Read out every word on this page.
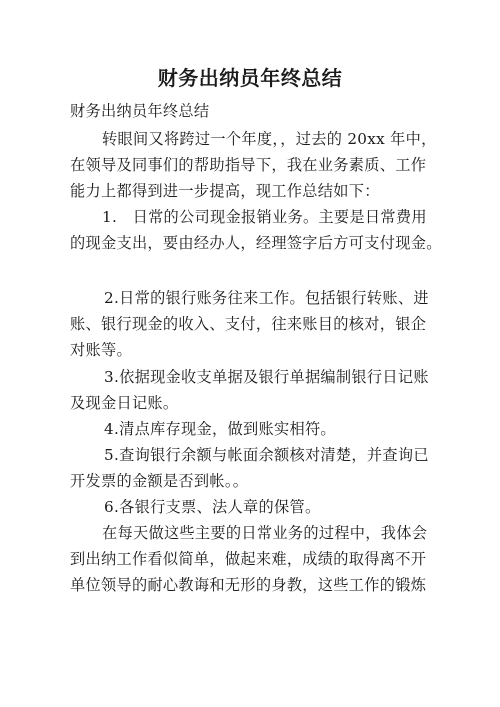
财务出纳员年终总结
财务出纳员年终总结
转眼间又将跨过一个年度，，过去的 20xx 年中，
在领导及同事们的帮助指导下，我在业务素质、工作
能力上都得到进一步提高，现工作总结如下：
1.　日常的公司现金报销业务。主要是日常费用
的现金支出，要由经办人，经理签字后方可支付现金。
2.日常的银行账务往来工作。包括银行转账、进
账、银行现金的收入、支付，往来账目的核对，银企
对账等。
3.依据现金收支单据及银行单据编制银行日记账
及现金日记账。
4.清点库存现金，做到账实相符。
5.查询银行余额与帐面余额核对清楚，并查询已
开发票的金额是否到帐。。
6.各银行支票、法人章的保管。
在每天做这些主要的日常业务的过程中，我体会
到出纳工作看似简单，做起来难，成绩的取得离不开
单位领导的耐心教诲和无形的身教，这些工作的锻炼
